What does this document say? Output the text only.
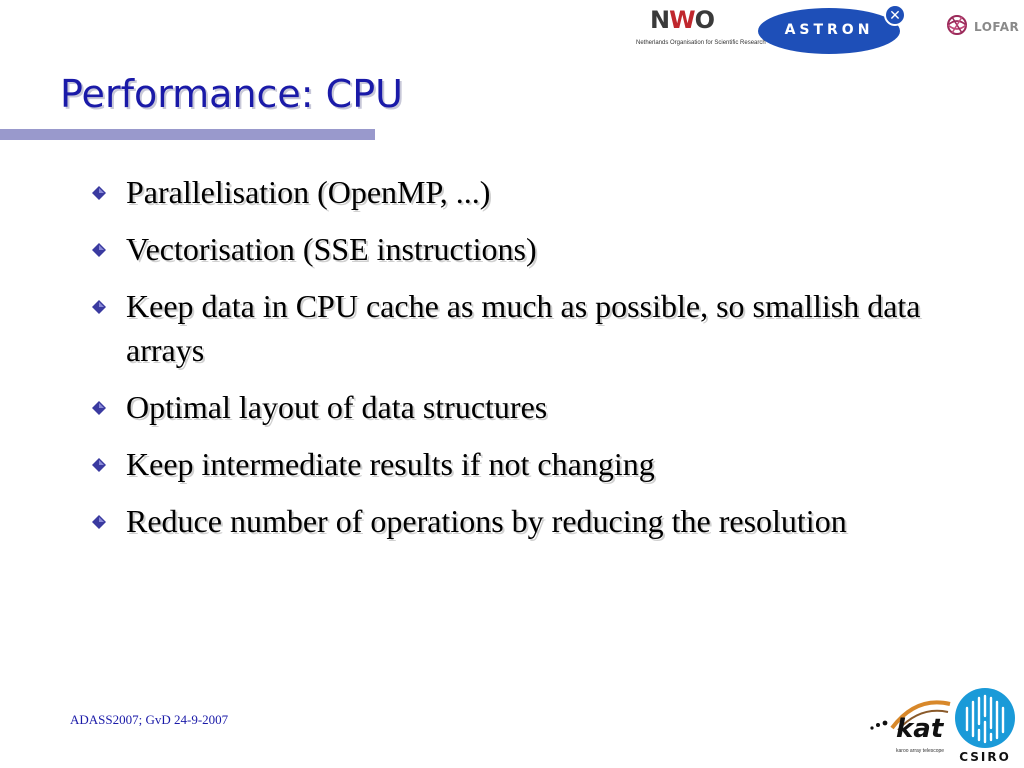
NWO
Netherlands Organisation for Scientific Research
ASTRON
✕
LOFAR
Performance: CPU
Parallelisation (OpenMP, ...)
Vectorisation (SSE instructions)
Keep data in CPU cache as much as possible, so smallish data arrays
Optimal layout of data structures
Keep intermediate results if not changing
Reduce number of operations by reducing the resolution
ADASS2007; GvD 24-9-2007	kat
karoo array telescope	CSIRO
